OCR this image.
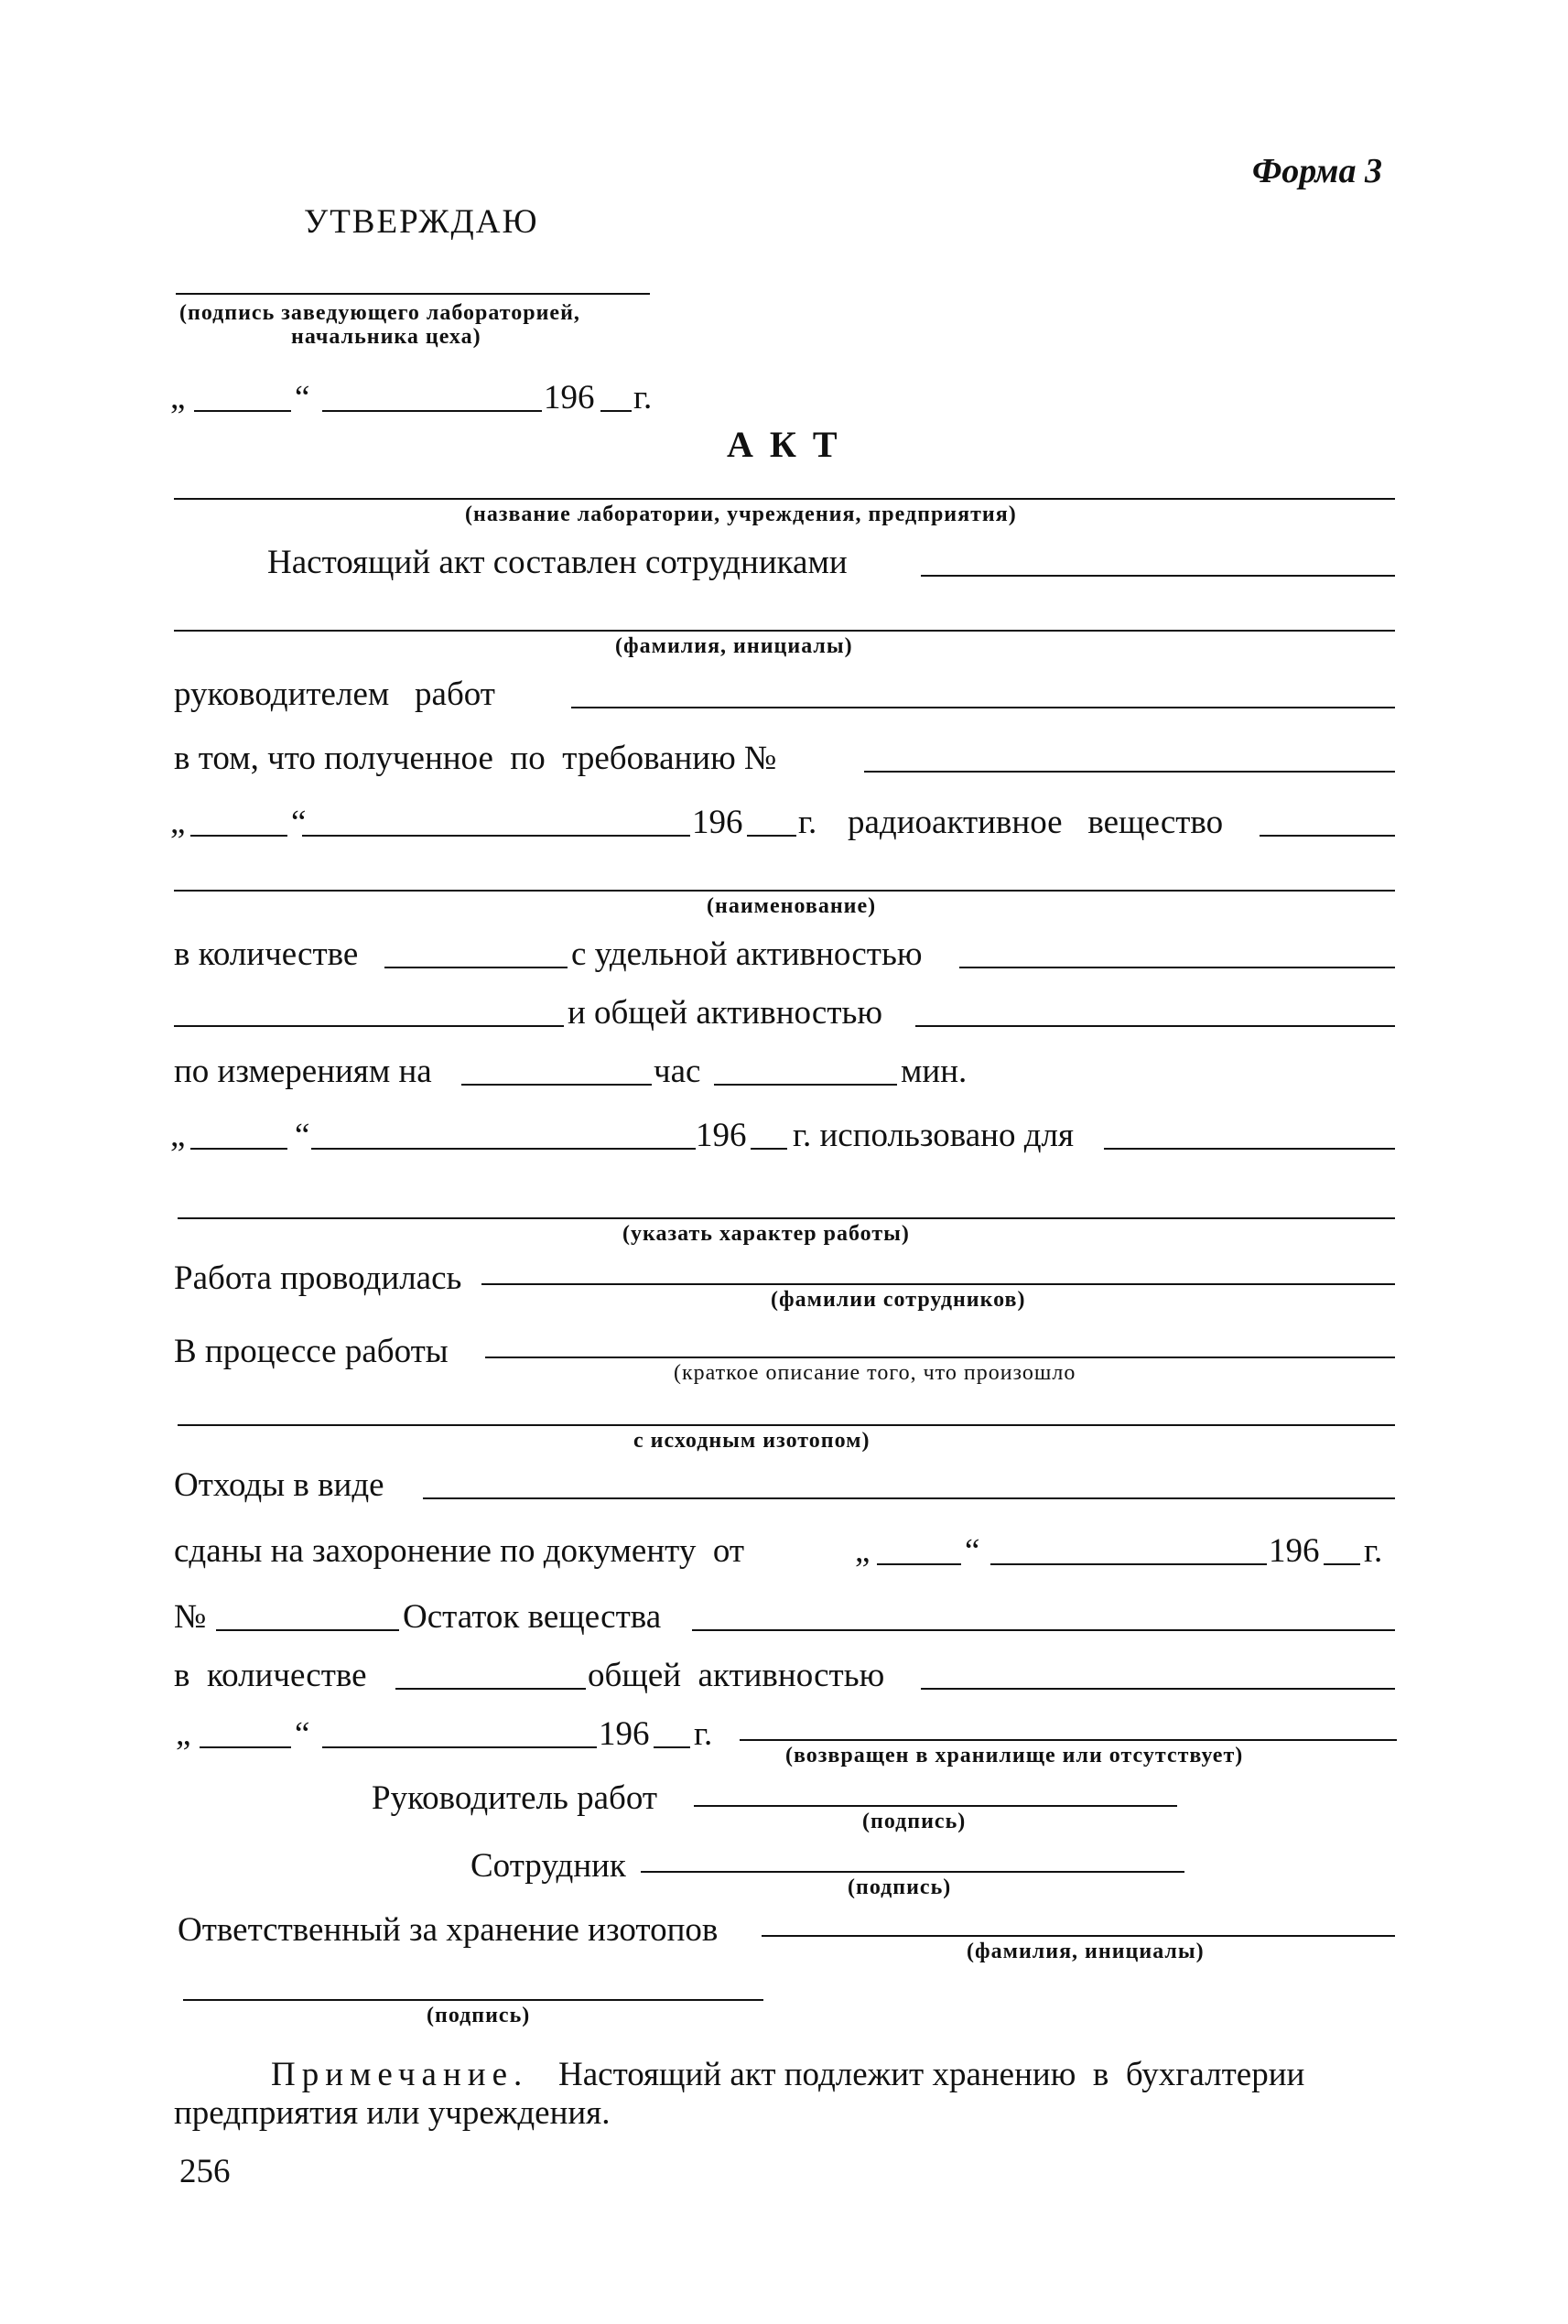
Форма 3
УТВЕРЖДАЮ
(подпись заведующего лабораторией,
начальника цеха)
„	“	196 г.
АКТ
(название лаборатории, учреждения, предприятия)
Настоящий акт составлен сотрудниками
(фамилия, инициалы)
руководителем   работ
в том, что полученное  по  требованию №
„	“	196 г. радиоактивное   вещество
(наименование)
в количестве	с удельной активностью
и общей активностью
по измерениям на	час	мин.
„	“	196 г. использовано для
(указать характер работы)
Работа проводилась
(фамилии сотрудников)
В процессе работы
(краткое описание того, что произошло
с исходным изотопом)
Отходы в виде
сданы на захоронение по документу  от	„	“	196 г.
№	Остаток вещества
в  количестве	общей  активностью
„	“	196 г.
(возвращен в хранилище или отсутствует)
Руководитель работ
(подпись)
Сотрудник
(подпись)
Ответственный за хранение изотопов
(фамилия, инициалы)
(подпись)
Примечание. Настоящий акт подлежит хранению  в  бухгалтерии
предприятия или учреждения.
256
